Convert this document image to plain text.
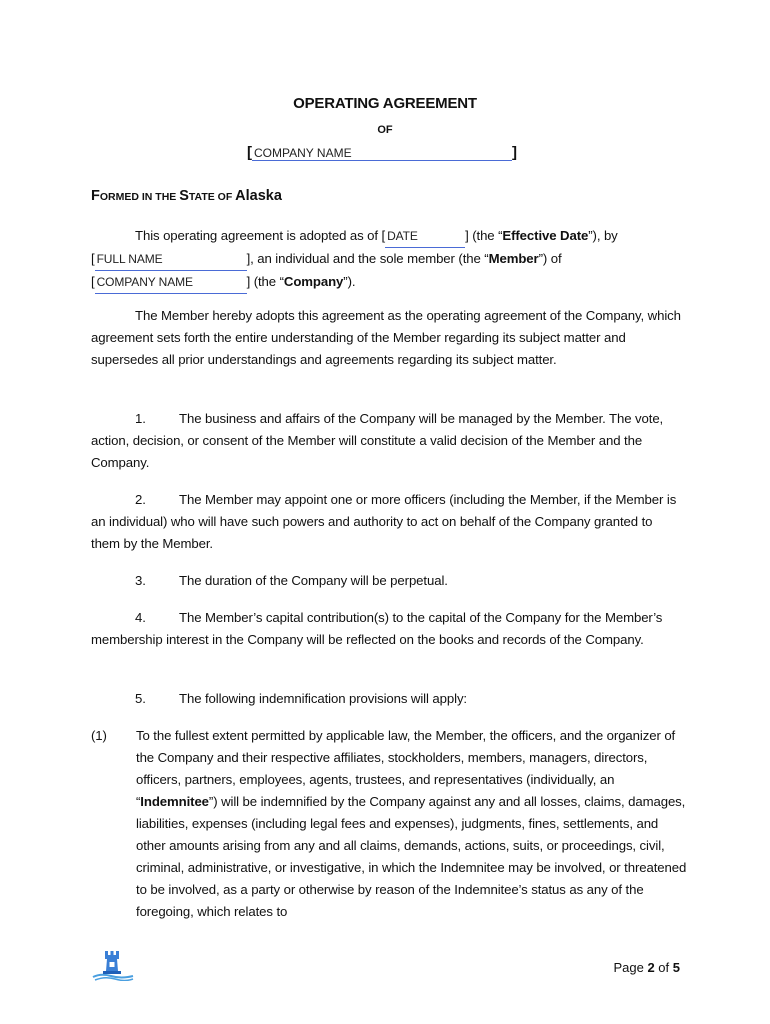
OPERATING AGREEMENT
OF
[ COMPANY NAME	]
FORMED IN THE STATE OF Alaska
This operating agreement is adopted as of [ DATE	] (the “Effective Date”), by
[ FULL NAME	], an individual and the sole member (the “Member”) of
[ COMPANY NAME	] (the “Company”).
The Member hereby adopts this agreement as the operating agreement of the Company, which agreement sets forth the entire understanding of the Member regarding its subject matter and supersedes all prior understandings and agreements regarding its subject matter.
1.	The business and affairs of the Company will be managed by the Member. The vote, action, decision, or consent of the Member will constitute a valid decision of the Member and the Company.
2.	The Member may appoint one or more officers (including the Member, if the Member is an individual) who will have such powers and authority to act on behalf of the Company granted to them by the Member.
3.	The duration of the Company will be perpetual.
4.	The Member’s capital contribution(s) to the capital of the Company for the Member’s membership interest in the Company will be reflected on the books and records of the Company.
5.	The following indemnification provisions will apply:
(1) To the fullest extent permitted by applicable law, the Member, the officers, and the organizer of the Company and their respective affiliates, stockholders, members, managers, directors, officers, partners, employees, agents, trustees, and representatives (individually, an “Indemnitee”) will be indemnified by the Company against any and all losses, claims, damages, liabilities, expenses (including legal fees and expenses), judgments, fines, settlements, and other amounts arising from any and all claims, demands, actions, suits, or proceedings, civil, criminal, administrative, or investigative, in which the Indemnitee may be involved, or threatened to be involved, as a party or otherwise by reason of the Indemnitee’s status as any of the foregoing, which relates to
Page 2 of 5
